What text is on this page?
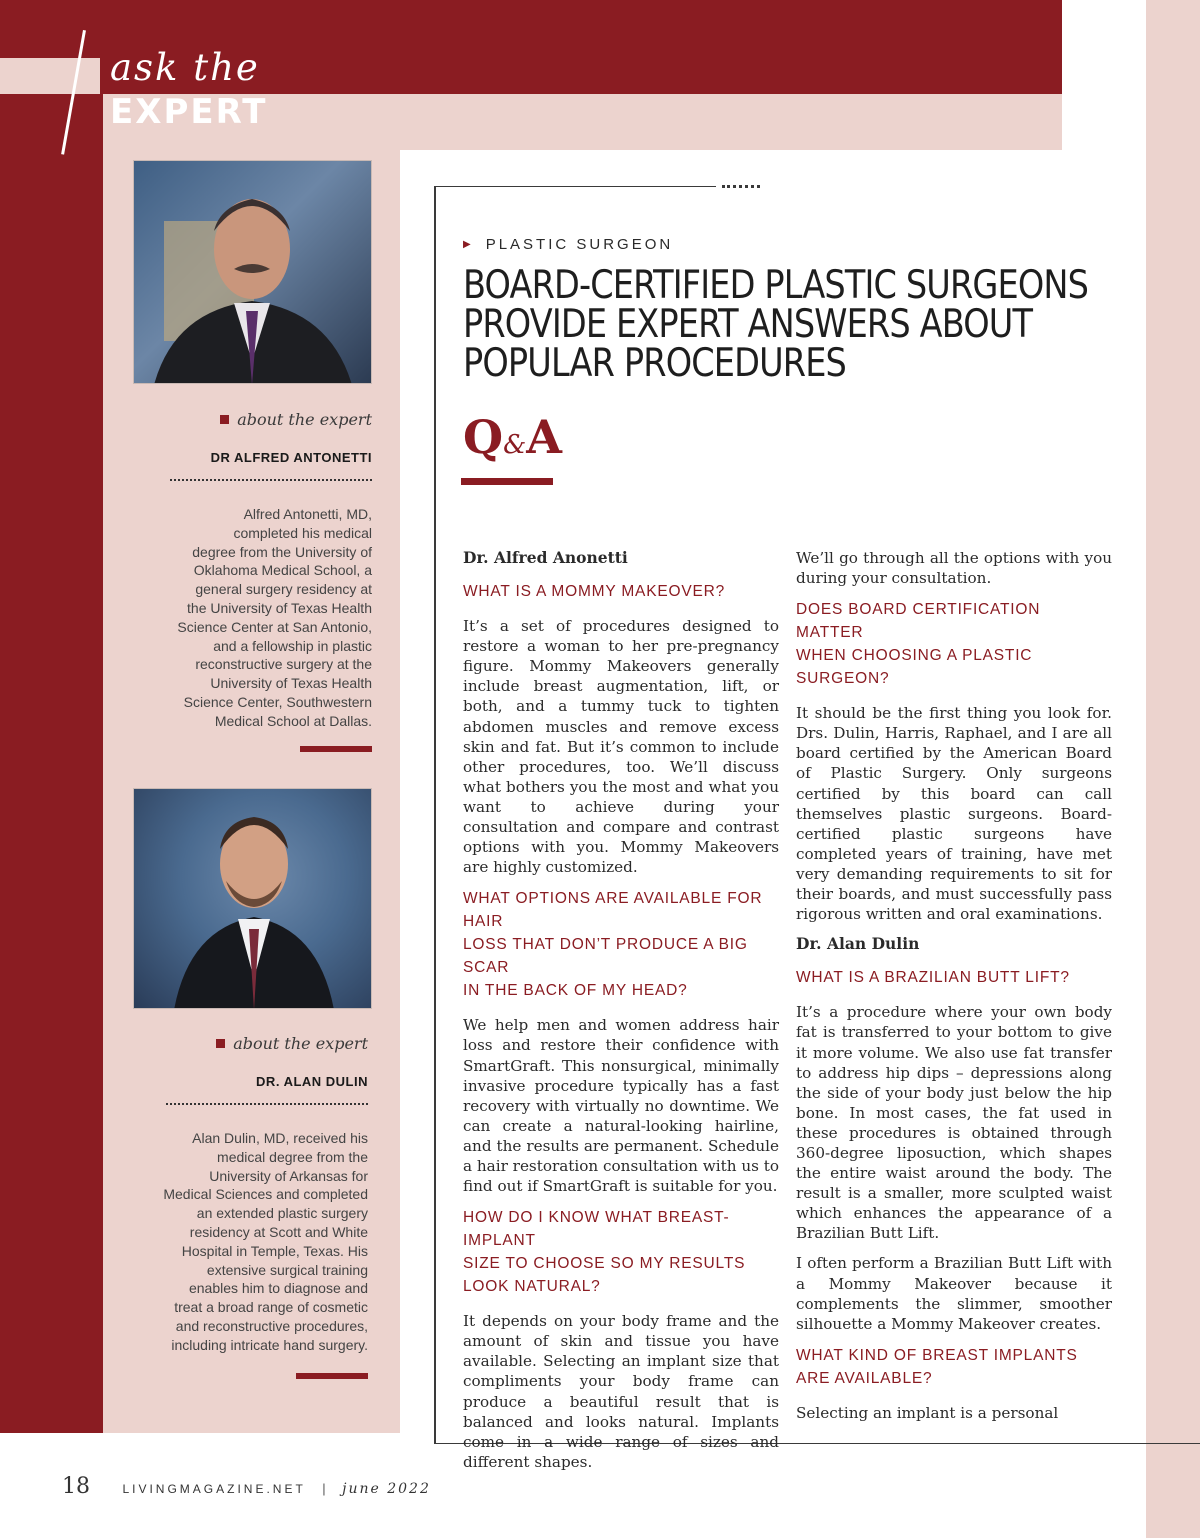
ask the
EXPERT
about the expert
DR ALFRED ANTONETTI
Alfred Antonetti, MD,
completed his medical
degree from the University of
Oklahoma Medical School, a
general surgery residency at
the University of Texas Health
Science Center at San Antonio,
and a fellowship in plastic
reconstructive surgery at the
University of Texas Health
Science Center, Southwestern
Medical School at Dallas.
about the expert
DR. ALAN DULIN
Alan Dulin, MD, received his
medical degree from the
University of Arkansas for
Medical Sciences and completed
an extended plastic surgery
residency at Scott and White
Hospital in Temple, Texas. His
extensive surgical training
enables him to diagnose and
treat a broad range of cosmetic
and reconstructive procedures,
including intricate hand surgery.
▶ PLASTIC SURGEON
BOARD-CERTIFIED PLASTIC SURGEONS
PROVIDE EXPERT ANSWERS ABOUT
POPULAR PROCEDURES
Q&A

Dr. Alfred Anonetti

WHAT IS A MOMMY MAKEOVER?

It’s a set of procedures designed to restore a woman to her pre-pregnancy figure. Mommy Makeovers generally include breast augmentation, lift, or both, and a tummy tuck to tighten abdomen muscles and remove excess skin and fat. But it’s common to include other procedures, too. We’ll discuss what bothers you the most and what you want to achieve during your consultation and compare and contrast options with you. Mommy Makeovers are highly customized.

WHAT OPTIONS ARE AVAILABLE FOR HAIR
LOSS THAT DON’T PRODUCE A BIG SCAR
IN THE BACK OF MY HEAD?

We help men and women address hair loss and restore their confidence with SmartGraft. This nonsurgical, minimally invasive procedure typically has a fast recovery with virtually no downtime. We can create a natural-looking hairline, and the results are permanent. Schedule a hair restoration consultation with us to find out if SmartGraft is suitable for you.

HOW DO I KNOW WHAT BREAST-IMPLANT
SIZE TO CHOOSE SO MY RESULTS
LOOK NATURAL?

It depends on your body frame and the amount of skin and tissue you have available. Selecting an implant size that compliments your body frame can produce a beautiful result that is balanced and looks natural. Implants come in a wide range of sizes and different shapes.

We’ll go through all the options with you during your consultation.

DOES BOARD CERTIFICATION MATTER
WHEN CHOOSING A PLASTIC SURGEON?

It should be the first thing you look for. Drs. Dulin, Harris, Raphael, and I are all board certified by the American Board of Plastic Surgery. Only surgeons certified by this board can call themselves plastic surgeons. Board-certified plastic surgeons have completed years of training, have met very demanding requirements to sit for their boards, and must successfully pass rigorous written and oral examinations.

Dr. Alan Dulin

WHAT IS A BRAZILIAN BUTT LIFT?

It’s a procedure where your own body fat is transferred to your bottom to give it more volume. We also use fat transfer to address hip dips – depressions along the side of your body just below the hip bone. In most cases, the fat used in these procedures is obtained through 360-degree liposuction, which shapes the entire waist around the body. The result is a smaller, more sculpted waist which enhances the appearance of a Brazilian Butt Lift.

I often perform a Brazilian Butt Lift with a Mommy Makeover because it complements the slimmer, smoother silhouette a Mommy Makeover creates.

WHAT KIND OF BREAST IMPLANTS
ARE AVAILABLE?

Selecting an implant is a personal

18	LIVINGMAGAZINE.NET | june 2022
